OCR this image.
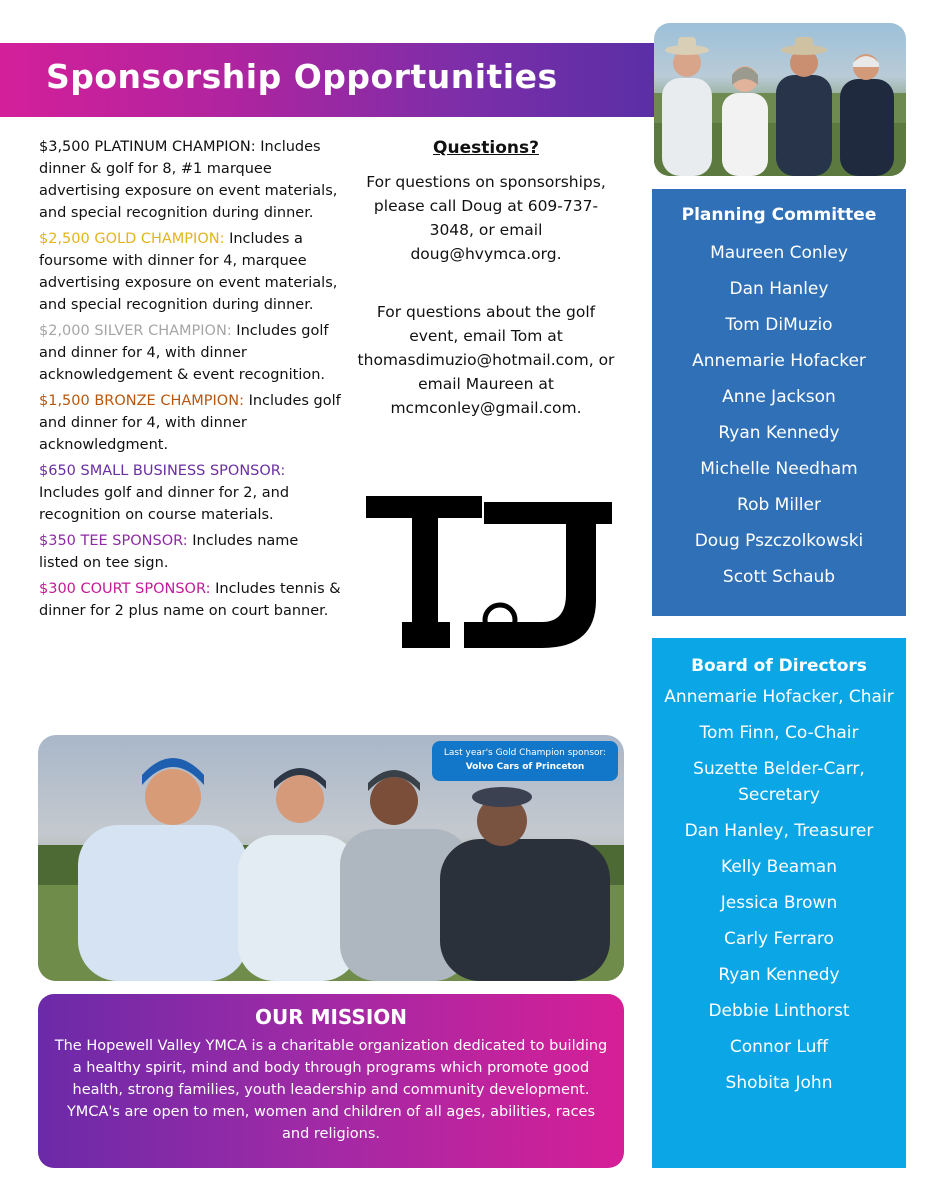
Sponsorship Opportunities

$3,500 PLATINUM CHAMPION: Includes dinner & golf for 8, #1 marquee advertising exposure on event materials, and special recognition during dinner.

$2,500 GOLD CHAMPION: Includes a foursome with dinner for 4, marquee advertising exposure on event materials, and special recognition during dinner.

$2,000 SILVER CHAMPION: Includes golf and dinner for 4, with dinner acknowledgement & event recognition.

$1,500 BRONZE CHAMPION: Includes golf and dinner for 4, with dinner acknowledgment.

$650 SMALL BUSINESS SPONSOR: Includes golf and dinner for 2, and recognition on course materials.

$350 TEE SPONSOR: Includes name listed on tee sign.

$300 COURT SPONSOR: Includes tennis & dinner for 2 plus name on court banner.

Questions?

For questions on sponsorships, please call Doug at 609-737-3048, or email doug@hvymca.org.

For questions about the golf event, email Tom at thomasdimuzio@hotmail.com, or email Maureen at mcmconley@gmail.com.

Planning Committee
Maureen Conley
Dan Hanley
Tom DiMuzio
Annemarie Hofacker
Anne Jackson
Ryan Kennedy
Michelle Needham
Rob Miller
Doug Pszczolkowski
Scott Schaub
Board of Directors
Annemarie Hofacker, Chair
Tom Finn, Co-Chair
Suzette Belder-Carr, Secretary
Dan Hanley, Treasurer
Kelly Beaman
Jessica Brown
Carly Ferraro
Ryan Kennedy
Debbie Linthorst
Connor Luff
Shobita John
Last year's Gold Champion sponsor:
Volvo Cars of Princeton
OUR MISSION

The Hopewell Valley YMCA is a charitable organization dedicated to building a healthy spirit, mind and body through programs which promote good health, strong families, youth leadership and community development. YMCA's are open to men, women and children of all ages, abilities, races and religions.
